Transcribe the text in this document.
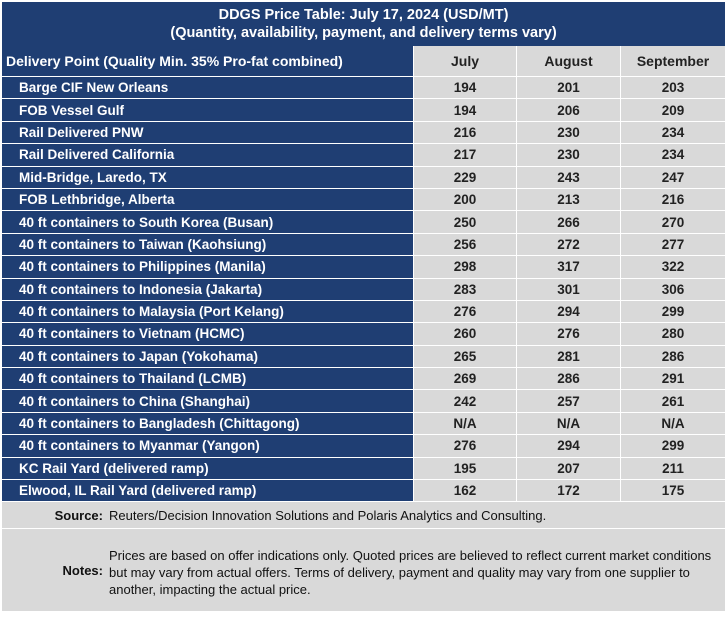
DDGS Price Table: July 17, 2024 (USD/MT)
(Quantity, availability, payment, and delivery terms vary)			

Delivery Point (Quality Min. 35% Pro-fat combined)	July	August	September
Barge CIF New Orleans	194	201	203
FOB Vessel Gulf	194	206	209
Rail Delivered PNW	216	230	234
Rail Delivered California	217	230	234
Mid-Bridge, Laredo, TX	229	243	247
FOB Lethbridge, Alberta	200	213	216
40 ft containers to South Korea (Busan)	250	266	270
40 ft containers to Taiwan (Kaohsiung)	256	272	277
40 ft containers to Philippines (Manila)	298	317	322
40 ft containers to Indonesia (Jakarta)	283	301	306
40 ft containers to Malaysia (Port Kelang)	276	294	299
40 ft containers to Vietnam (HCMC)	260	276	280
40 ft containers to Japan (Yokohama)	265	281	286
40 ft containers to Thailand (LCMB)	269	286	291
40 ft containers to China (Shanghai)	242	257	261
40 ft containers to Bangladesh (Chittagong)	N/A	N/A	N/A
40 ft containers to Myanmar (Yangon)	276	294	299
KC Rail Yard (delivered ramp)	195	207	211
Elwood, IL Rail Yard (delivered ramp)	162	172	175
Source:	Reuters/Decision Innovation Solutions and Polaris Analytics and Consulting.
Notes:	Prices are based on offer indications only. Quoted prices are believed to reflect current market conditions but may vary from actual offers. Terms of delivery, payment and quality may vary from one supplier to another, impacting the actual price.
